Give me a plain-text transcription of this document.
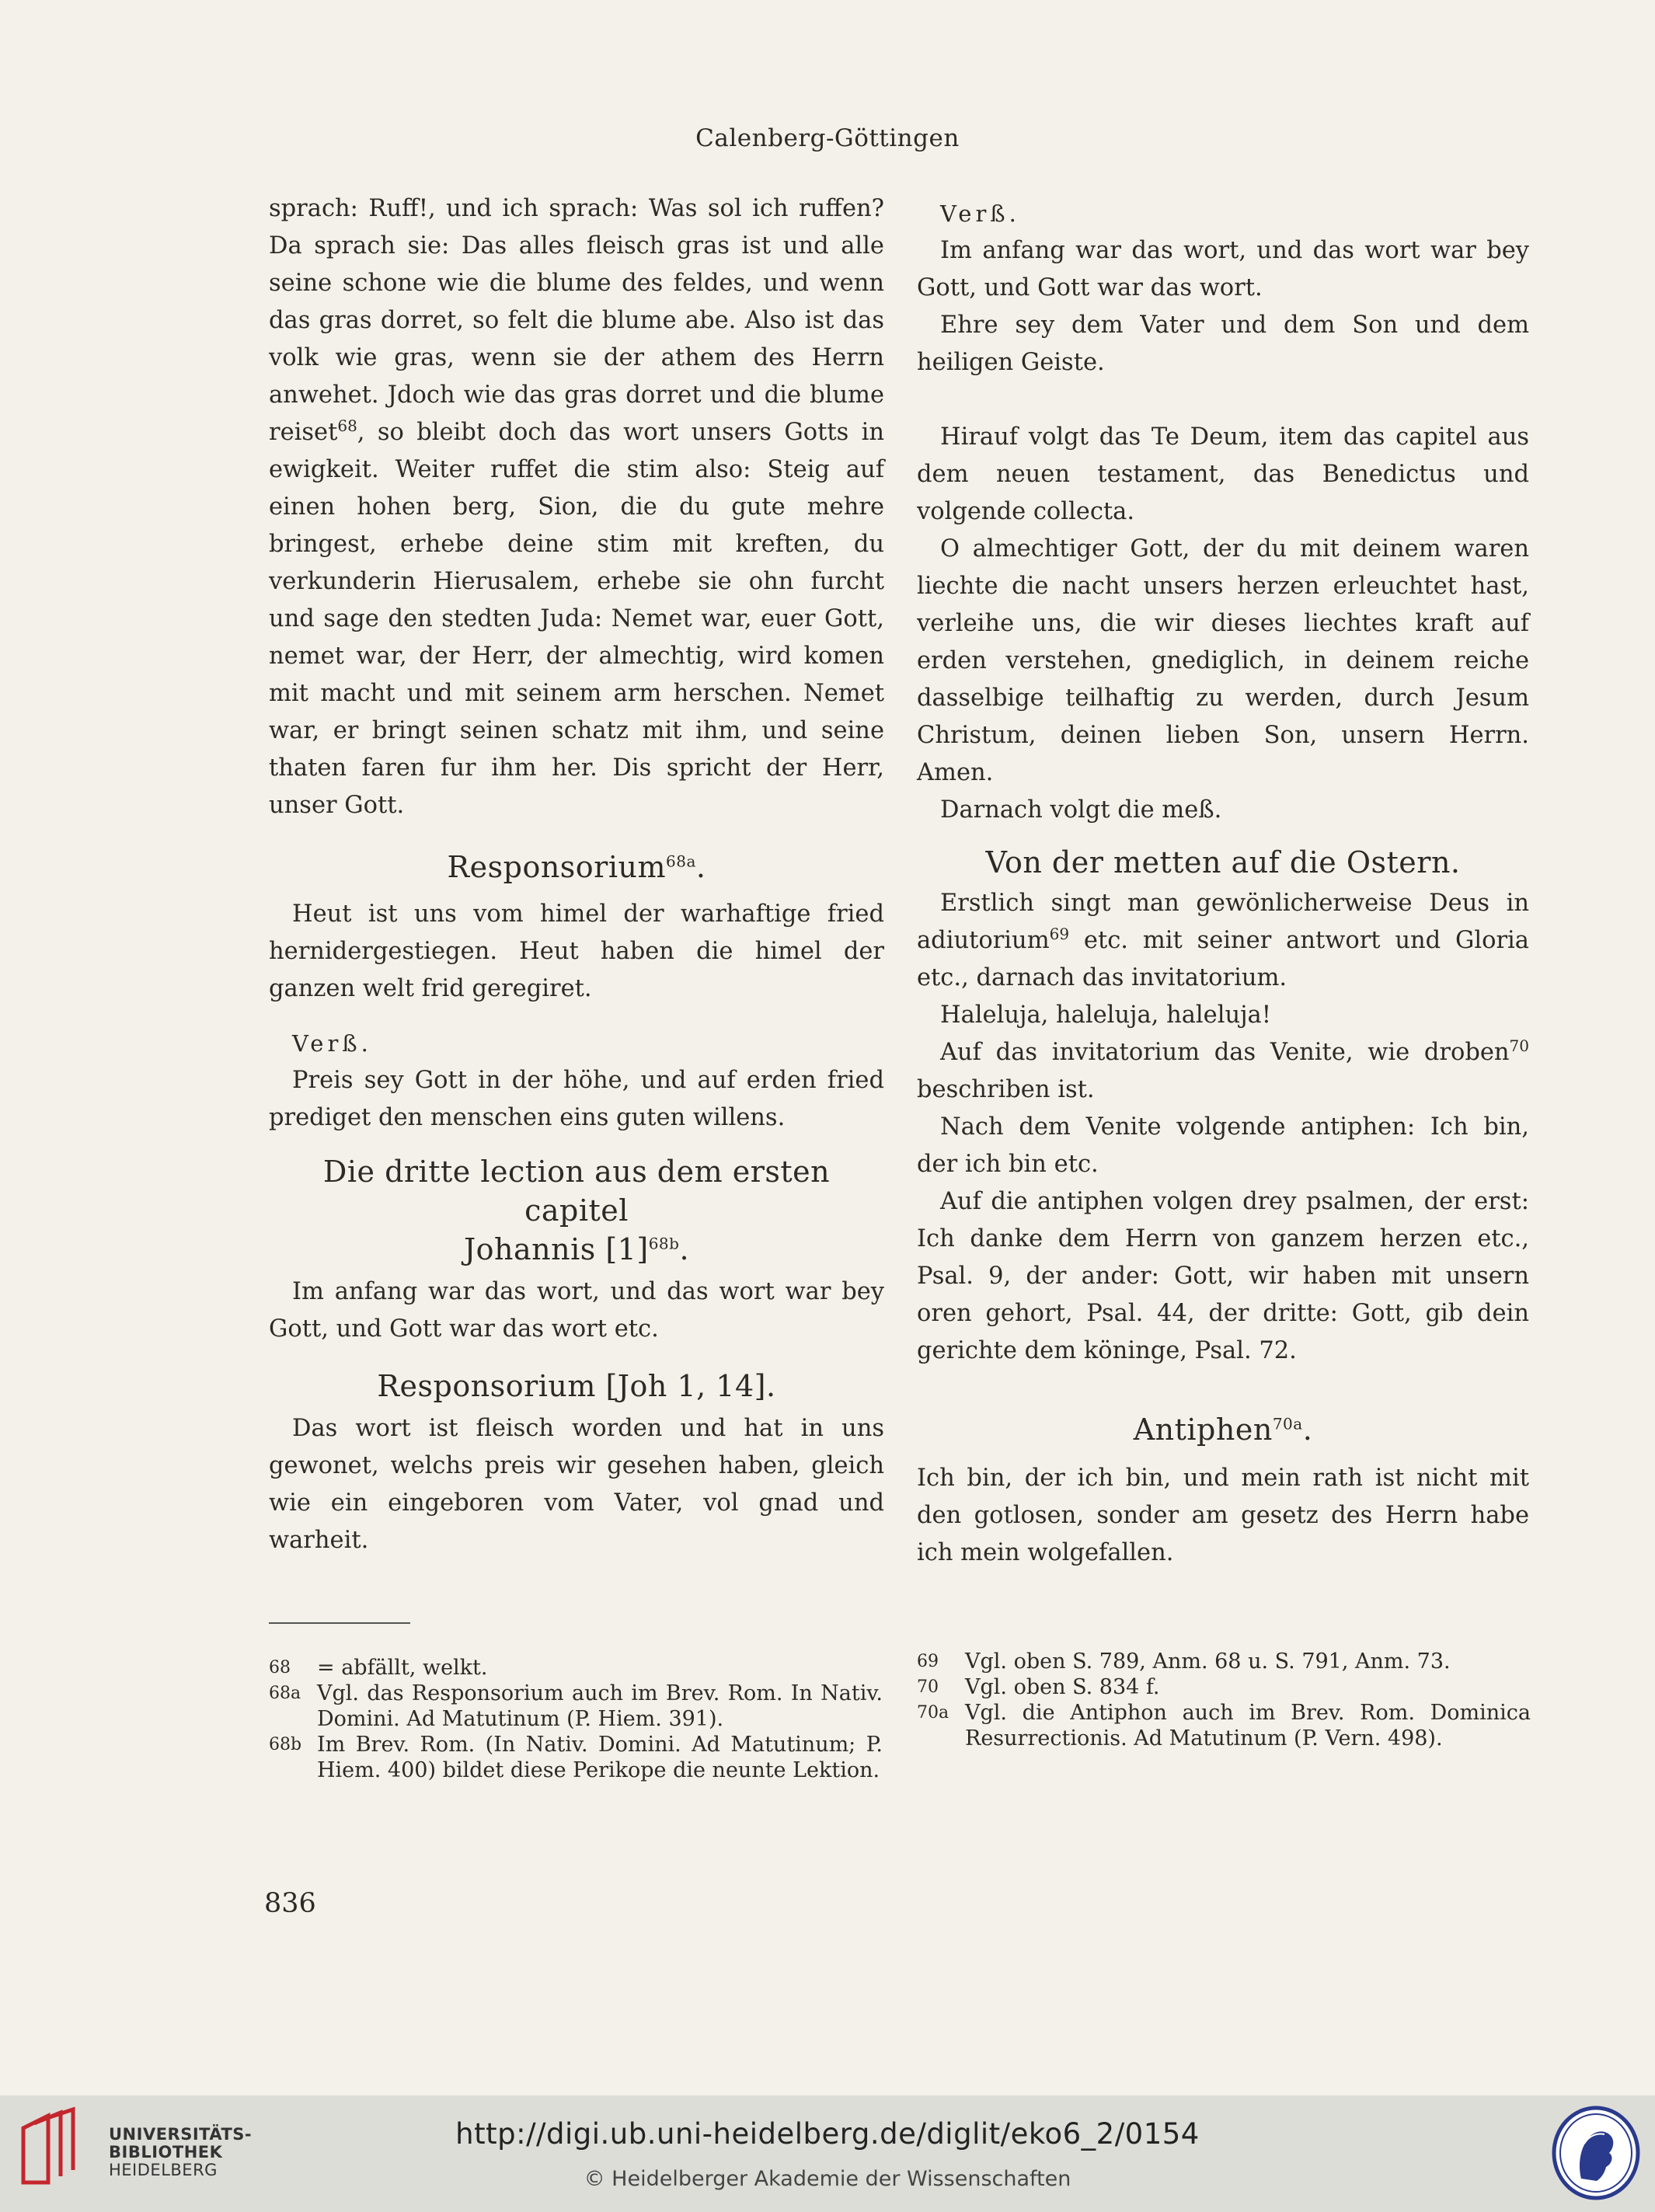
Calenberg-Göttingen

sprach: Ruff!, und ich sprach: Was sol ich ruffen? Da sprach sie: Das alles fleisch gras ist und alle seine schone wie die blume des feldes, und wenn das gras dorret, so felt die blume abe. Also ist das volk wie gras, wenn sie der athem des Herrn anwehet. Jdoch wie das gras dorret und die blume reiset$^{68}$, so bleibt doch das wort unsers Gotts in ewigkeit. Weiter ruffet die stim also: Steig auf einen hohen berg, Sion, die du gute mehre bringest, erhebe deine stim mit kreften, du verkunderin Hierusalem, erhebe sie ohn furcht und sage den stedten Juda: Nemet war, euer Gott, nemet war, der Herr, der almechtig, wird komen mit macht und mit seinem arm herschen. Nemet war, er bringt seinen schatz mit ihm, und seine thaten faren fur ihm her. Dis spricht der Herr, unser Gott.

Responsorium$^{68a}$.

Heut ist uns vom himel der warhaftige fried hernidergestiegen. Heut haben die himel der ganzen welt frid geregiret.

Verß.

Preis sey Gott in der höhe, und auf erden fried prediget den menschen eins guten willens.

Die dritte lection aus dem ersten capitel
Johannis $[1]^{68b}$.

Im anfang war das wort, und das wort war bey Gott, und Gott war das wort etc.

Responsorium [Joh 1, 14].

Das wort ist fleisch worden und hat in uns gewonet, welchs preis wir gesehen haben, gleich wie ein eingeboren vom Vater, vol gnad und warheit.

Verß.

Im anfang war das wort, und das wort war bey Gott, und Gott war das wort.

Ehre sey dem Vater und dem Son und dem heiligen Geiste.

Hirauf volgt das Te Deum, item das capitel aus dem neuen testament, das Benedictus und volgende collecta.

O almechtiger Gott, der du mit deinem waren liechte die nacht unsers herzen erleuchtet hast, verleihe uns, die wir dieses liechtes kraft auf erden verstehen, gnediglich, in deinem reiche dasselbige teilhaftig zu werden, durch Jesum Christum, deinen lieben Son, unsern Herrn. Amen.

Darnach volgt die meß.

Von der metten auf die Ostern.

Erstlich singt man gewönlicherweise Deus in adiutorium$^{69}$ etc. mit seiner antwort und Gloria etc., darnach das invitatorium.

Haleluja, haleluja, haleluja!

Auf das invitatorium das Venite, wie droben$^{70}$ beschriben ist.

Nach dem Venite volgende antiphen: Ich bin, der ich bin etc.

Auf die antiphen volgen drey psalmen, der erst: Ich danke dem Herrn von ganzem herzen etc., Psal. 9, der ander: Gott, wir haben mit unsern oren gehort, Psal. 44, der dritte: Gott, gib dein gerichte dem köninge, Psal. 72.

Antiphen$^{70a}$.

Ich bin, der ich bin, und mein rath ist nicht mit den gotlosen, sonder am gesetz des Herrn habe ich mein wolgefallen.

68	= abfällt, welkt.
68a Vgl. das Responsorium auch im Brev. Rom. In Nativ. Domini. Ad Matutinum (P. Hiem. 391).
68b Im Brev. Rom. (In Nativ. Domini. Ad Matutinum; P. Hiem. 400) bildet diese Perikope die neunte Lektion.
69	Vgl. oben S. 789, Anm. 68 u. S. 791, Anm. 73.
70	Vgl. oben S. 834 f.
70a Vgl. die Antiphon auch im Brev. Rom. Dominica Resurrectionis. Ad Matutinum (P. Vern. 498).
836
UNIVERSITÄTS-
BIBLIOTHEK
HEIDELBERG
http://digi.ub.uni-heidelberg.de/diglit/eko6_2/0154
© Heidelberger Akademie der Wissenschaften
